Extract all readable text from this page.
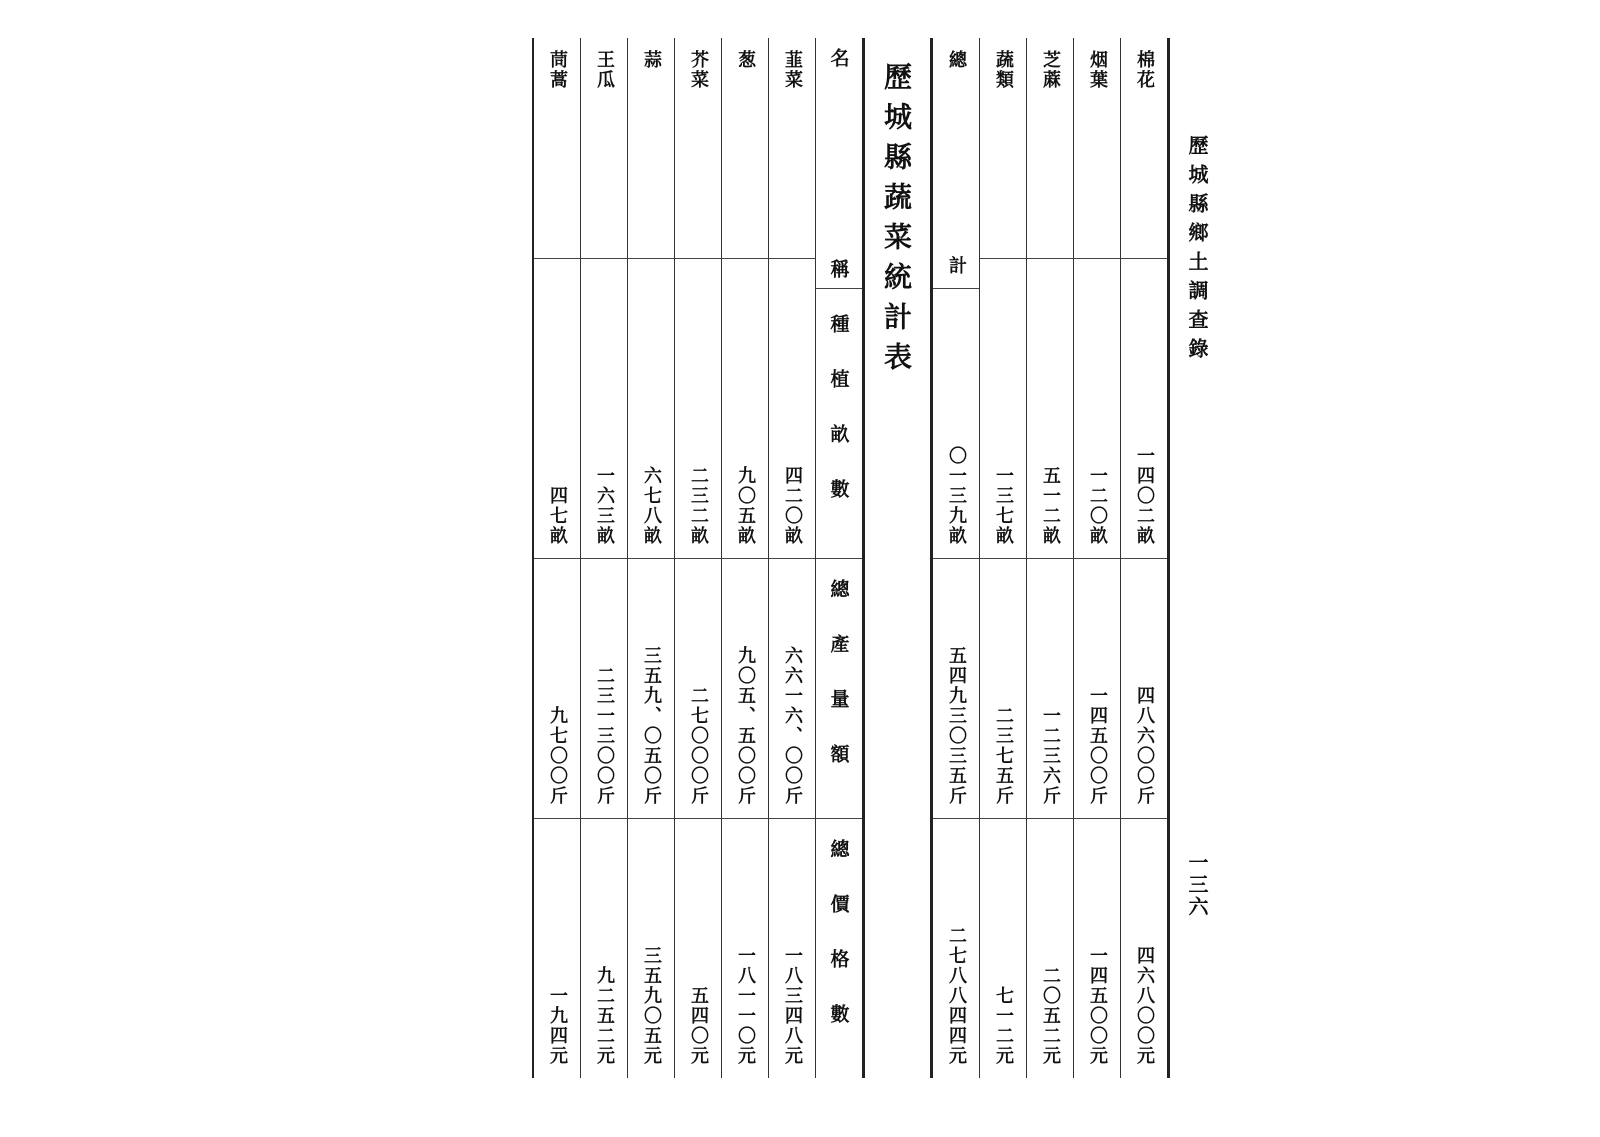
歷城縣鄉土調查錄
一三六
歷城縣蔬菜統計表
名
稱
種植畝數
總產量額
總價格數
韮菜
四二〇畝
六六一六、〇〇斤
一八三四八元
葱
九〇五畝
九〇五、五〇〇斤
一八一一〇元
芥菜
二三二畝
二七〇〇〇斤
五四〇元
蒜
六七八畝
三五九、〇五〇斤
三五九〇五元
王瓜
一六三畝
二三一三〇〇斤
九二五二元
茼蒿
四七畝
九七〇〇斤
一九四元
棉花
一四〇二畝
四八六〇〇斤
四六八〇〇元
烟葉
一二〇畝
一四五〇〇斤
一四五〇〇元
芝蔴
五一二畝
一二三六斤
二〇五二元
蔬類
一三七畝
二三七五斤
七一二元
總
計
〇一三九畝
五四九三〇三五斤
二七八八四四元
